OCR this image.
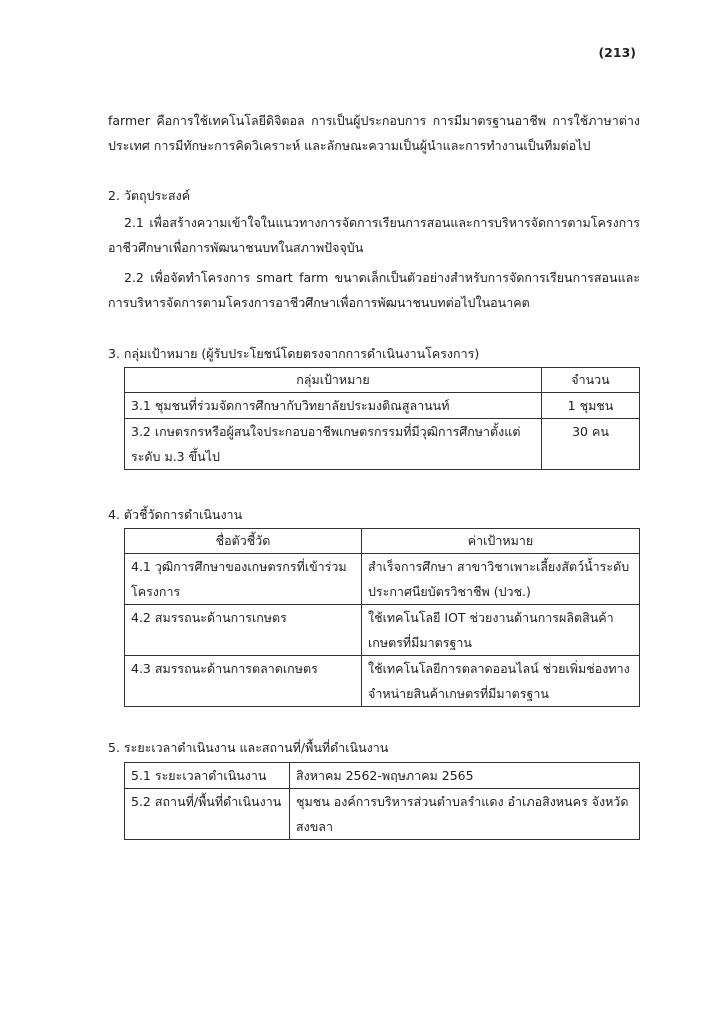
(213)
farmer คือการใช้เทคโนโลยีดิจิตอล การเป็นผู้ประกอบการ การมีมาตรฐานอาชีพ การใช้ภาษาต่างประเทศ การมีทักษะการคิดวิเคราะห์ และลักษณะความเป็นผู้นำและการทำงานเป็นทีมต่อไป
2. วัตถุประสงค์
2.1 เพื่อสร้างความเข้าใจในแนวทางการจัดการเรียนการสอนและการบริหารจัดการตามโครงการอาชีวศึกษาเพื่อการพัฒนาชนบทในสภาพปัจจุบัน
2.2 เพื่อจัดทำโครงการ smart farm ขนาดเล็กเป็นตัวอย่างสำหรับการจัดการเรียนการสอนและการบริหารจัดการตามโครงการอาชีวศึกษาเพื่อการพัฒนาชนบทต่อไปในอนาคต
3. กลุ่มเป้าหมาย (ผู้รับประโยชน์โดยตรงจากการดำเนินงานโครงการ)
กลุ่มเป้าหมาย	จำนวน
3.1 ชุมชนที่ร่วมจัดการศึกษากับวิทยาลัยประมงติณสูลานนท์	1 ชุมชน
3.2 เกษตรกรหรือผู้สนใจประกอบอาชีพเกษตรกรรมที่มีวุฒิการศึกษาตั้งแต่ระดับ ม.3 ขึ้นไป	30 คน
4. ตัวชี้วัดการดำเนินงาน
ชื่อตัวชี้วัด	ค่าเป้าหมาย
4.1 วุฒิการศึกษาของเกษตรกรที่เข้าร่วมโครงการ	สำเร็จการศึกษา สาขาวิชาเพาะเลี้ยงสัตว์น้ำระดับประกาศนียบัตรวิชาชีพ (ปวช.)
4.2 สมรรถนะด้านการเกษตร	ใช้เทคโนโลยี IOT ช่วยงานด้านการผลิตสินค้าเกษตรที่มีมาตรฐาน
4.3 สมรรถนะด้านการตลาดเกษตร	ใช้เทคโนโลยีการตลาดออนไลน์ ช่วยเพิ่มช่องทางจำหน่ายสินค้าเกษตรที่มีมาตรฐาน
5. ระยะเวลาดำเนินงาน และสถานที่/พื้นที่ดำเนินงาน
5.1 ระยะเวลาดำเนินงาน	สิงหาคม 2562-พฤษภาคม 2565
5.2 สถานที่/พื้นที่ดำเนินงาน	ชุมชน องค์การบริหารส่วนตำบลรำแดง อำเภอสิงหนคร จังหวัดสงขลา
